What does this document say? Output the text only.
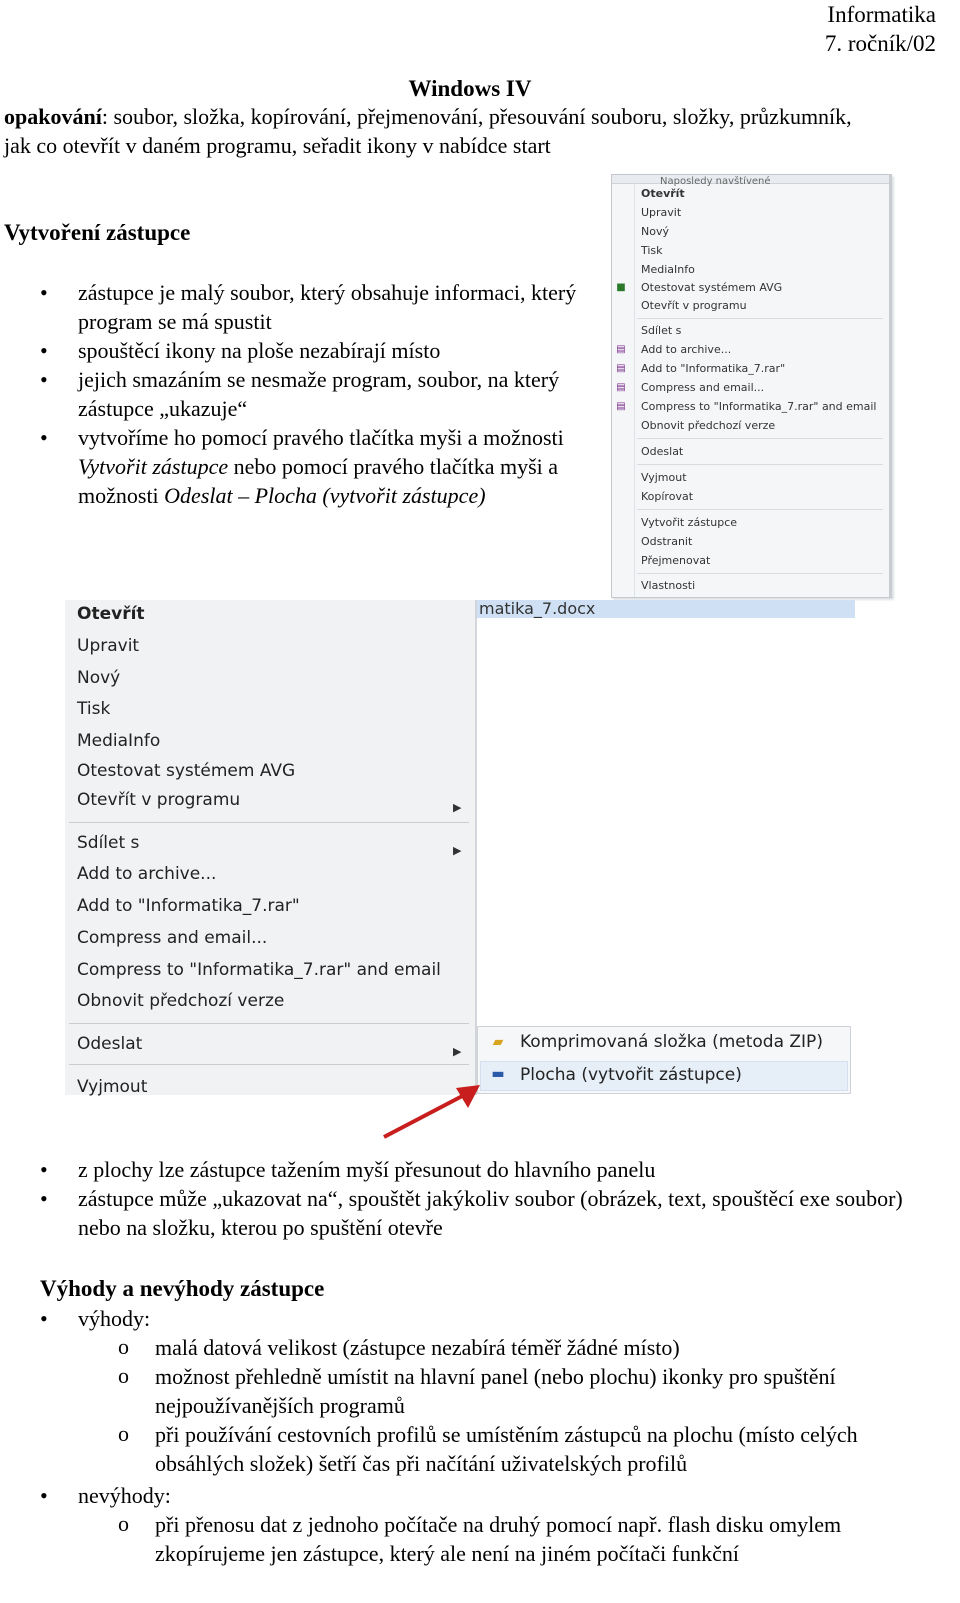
Informatika
7. ročník/02
Windows IV
opakování: soubor, složka, kopírování, přejmenování, přesouvání souboru, složky, průzkumník, jak co otevřít v daném programu, seřadit ikony v nabídce start
Vytvoření zástupce
• zástupce je malý soubor, který obsahuje informaci, který program se má spustit
• spouštěcí ikony na ploše nezabírají místo
• jejich smazáním se nesmaže program, soubor, na který zástupce „ukazuje“
• vytvoříme ho pomocí pravého tlačítka myši a možnosti Vytvořit zástupce nebo pomocí pravého tlačítka myši a možnosti Odeslat – Plocha (vytvořit zástupce)
Naposledy navštívené
■
▤
▤
▤
▤
Otevřít
Upravit
Nový
Tisk
MediaInfo
Otestovat systémem AVG
Otevřít v programu
Sdílet s
Add to archive...
Add to "Informatika_7.rar"
Compress and email...
Compress to "Informatika_7.rar" and email
Obnovit předchozí verze
Odeslat
Vyjmout
Kopírovat
Vytvořit zástupce
Odstranit
Přejmenovat
Vlastnosti
Otevřít
Upravit
Nový
Tisk
MediaInfo
Otestovat systémem AVG
Otevřít v programu	▶
Sdílet s	▶
Add to archive...
Add to "Informatika_7.rar"
Compress and email...
Compress to "Informatika_7.rar" and email
Obnovit předchozí verze
Odeslat	▶
Vyjmout
matika_7.docx
▰ Komprimovaná složka (metoda ZIP)
▬ Plocha (vytvořit zástupce)
• z plochy lze zástupce tažením myší přesunout do hlavního panelu
• zástupce může „ukazovat na“, spouštět jakýkoliv soubor (obrázek, text, spouštěcí exe soubor) nebo na složku, kterou po spuštění otevře
Výhody a nevýhody zástupce
• výhody:
o malá datová velikost (zástupce nezabírá téměř žádné místo)
o možnost přehledně umístit na hlavní panel (nebo plochu) ikonky pro spuštění nejpoužívanějších programů
o při používání cestovních profilů se umístěním zástupců na plochu (místo celých obsáhlých složek) šetří čas při načítání uživatelských profilů
• nevýhody:
o při přenosu dat z jednoho počítače na druhý pomocí např. flash disku omylem zkopírujeme jen zástupce, který ale není na jiném počítači funkční
